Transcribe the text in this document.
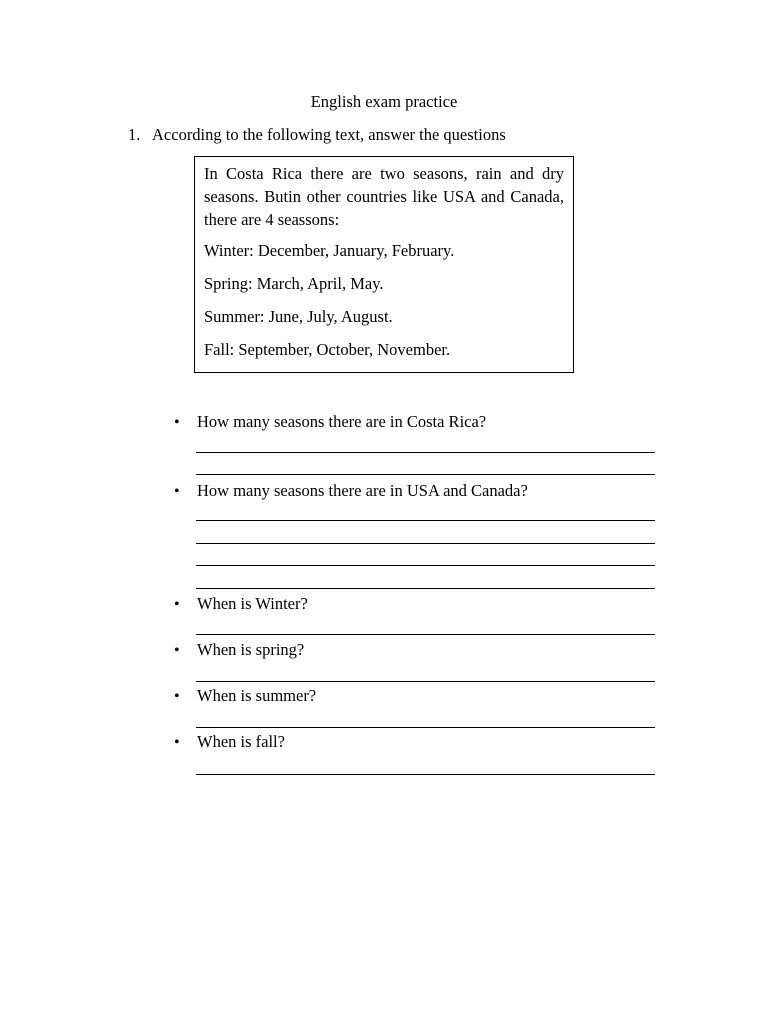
English exam practice
1. According to the following text, answer the questions

In Costa Rica there are two seasons, rain and dry seasons. Butin other countries like USA and Canada, there are 4 seassons:

Winter: December, January, February.

Spring: March, April, May.

Summer: June, July, August.

Fall: September, October, November.

• How many seasons there are in Costa Rica?
• How many seasons there are in USA and Canada?
• When is Winter?
• When is spring?
• When is summer?
• When is fall?
